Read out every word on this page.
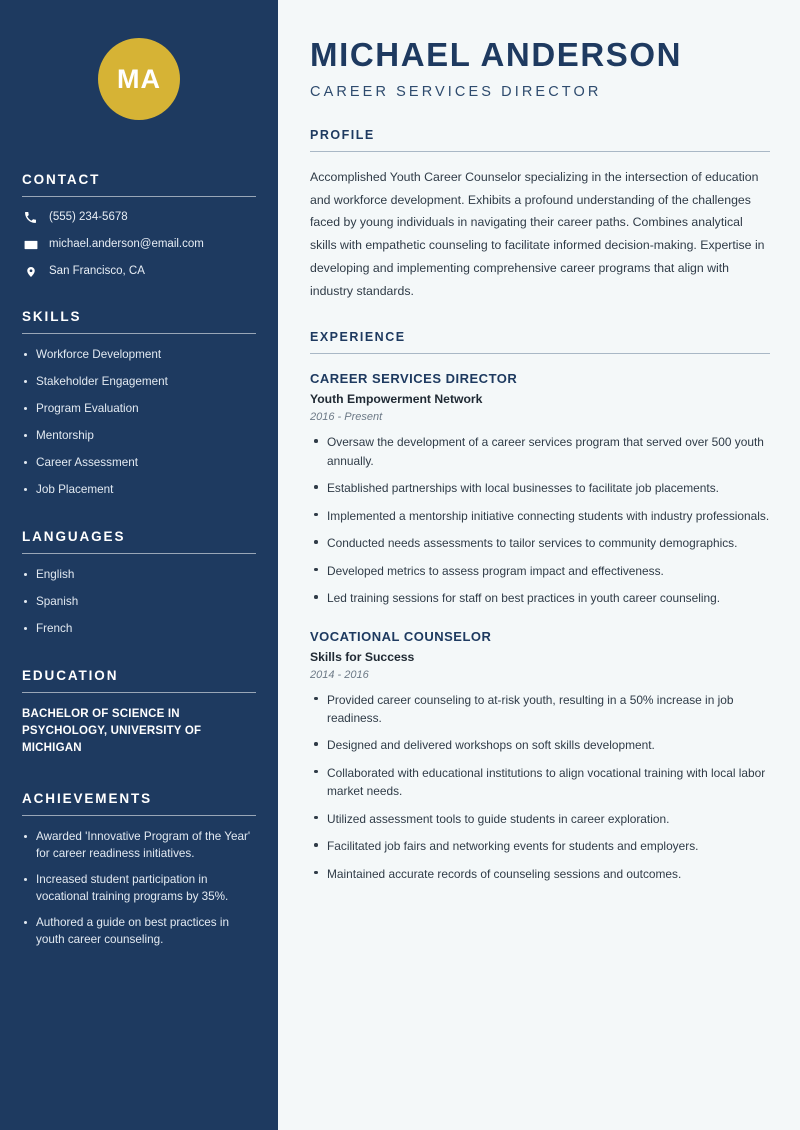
MA
CONTACT
(555) 234-5678
michael.anderson@email.com
San Francisco, CA
SKILLS
Workforce Development
Stakeholder Engagement
Program Evaluation
Mentorship
Career Assessment
Job Placement
LANGUAGES
English
Spanish
French
EDUCATION
BACHELOR OF SCIENCE IN PSYCHOLOGY, UNIVERSITY OF MICHIGAN
ACHIEVEMENTS
Awarded 'Innovative Program of the Year' for career readiness initiatives.
Increased student participation in vocational training programs by 35%.
Authored a guide on best practices in youth career counseling.
MICHAEL ANDERSON
CAREER SERVICES DIRECTOR
PROFILE

Accomplished Youth Career Counselor specializing in the intersection of education and workforce development. Exhibits a profound understanding of the challenges faced by young individuals in navigating their career paths. Combines analytical skills with empathetic counseling to facilitate informed decision-making. Expertise in developing and implementing comprehensive career programs that align with industry standards.

EXPERIENCE
CAREER SERVICES DIRECTOR
Youth Empowerment Network
2016 - Present
Oversaw the development of a career services program that served over 500 youth annually.
Established partnerships with local businesses to facilitate job placements.
Implemented a mentorship initiative connecting students with industry professionals.
Conducted needs assessments to tailor services to community demographics.
Developed metrics to assess program impact and effectiveness.
Led training sessions for staff on best practices in youth career counseling.
VOCATIONAL COUNSELOR
Skills for Success
2014 - 2016
Provided career counseling to at-risk youth, resulting in a 50% increase in job readiness.
Designed and delivered workshops on soft skills development.
Collaborated with educational institutions to align vocational training with local labor market needs.
Utilized assessment tools to guide students in career exploration.
Facilitated job fairs and networking events for students and employers.
Maintained accurate records of counseling sessions and outcomes.
